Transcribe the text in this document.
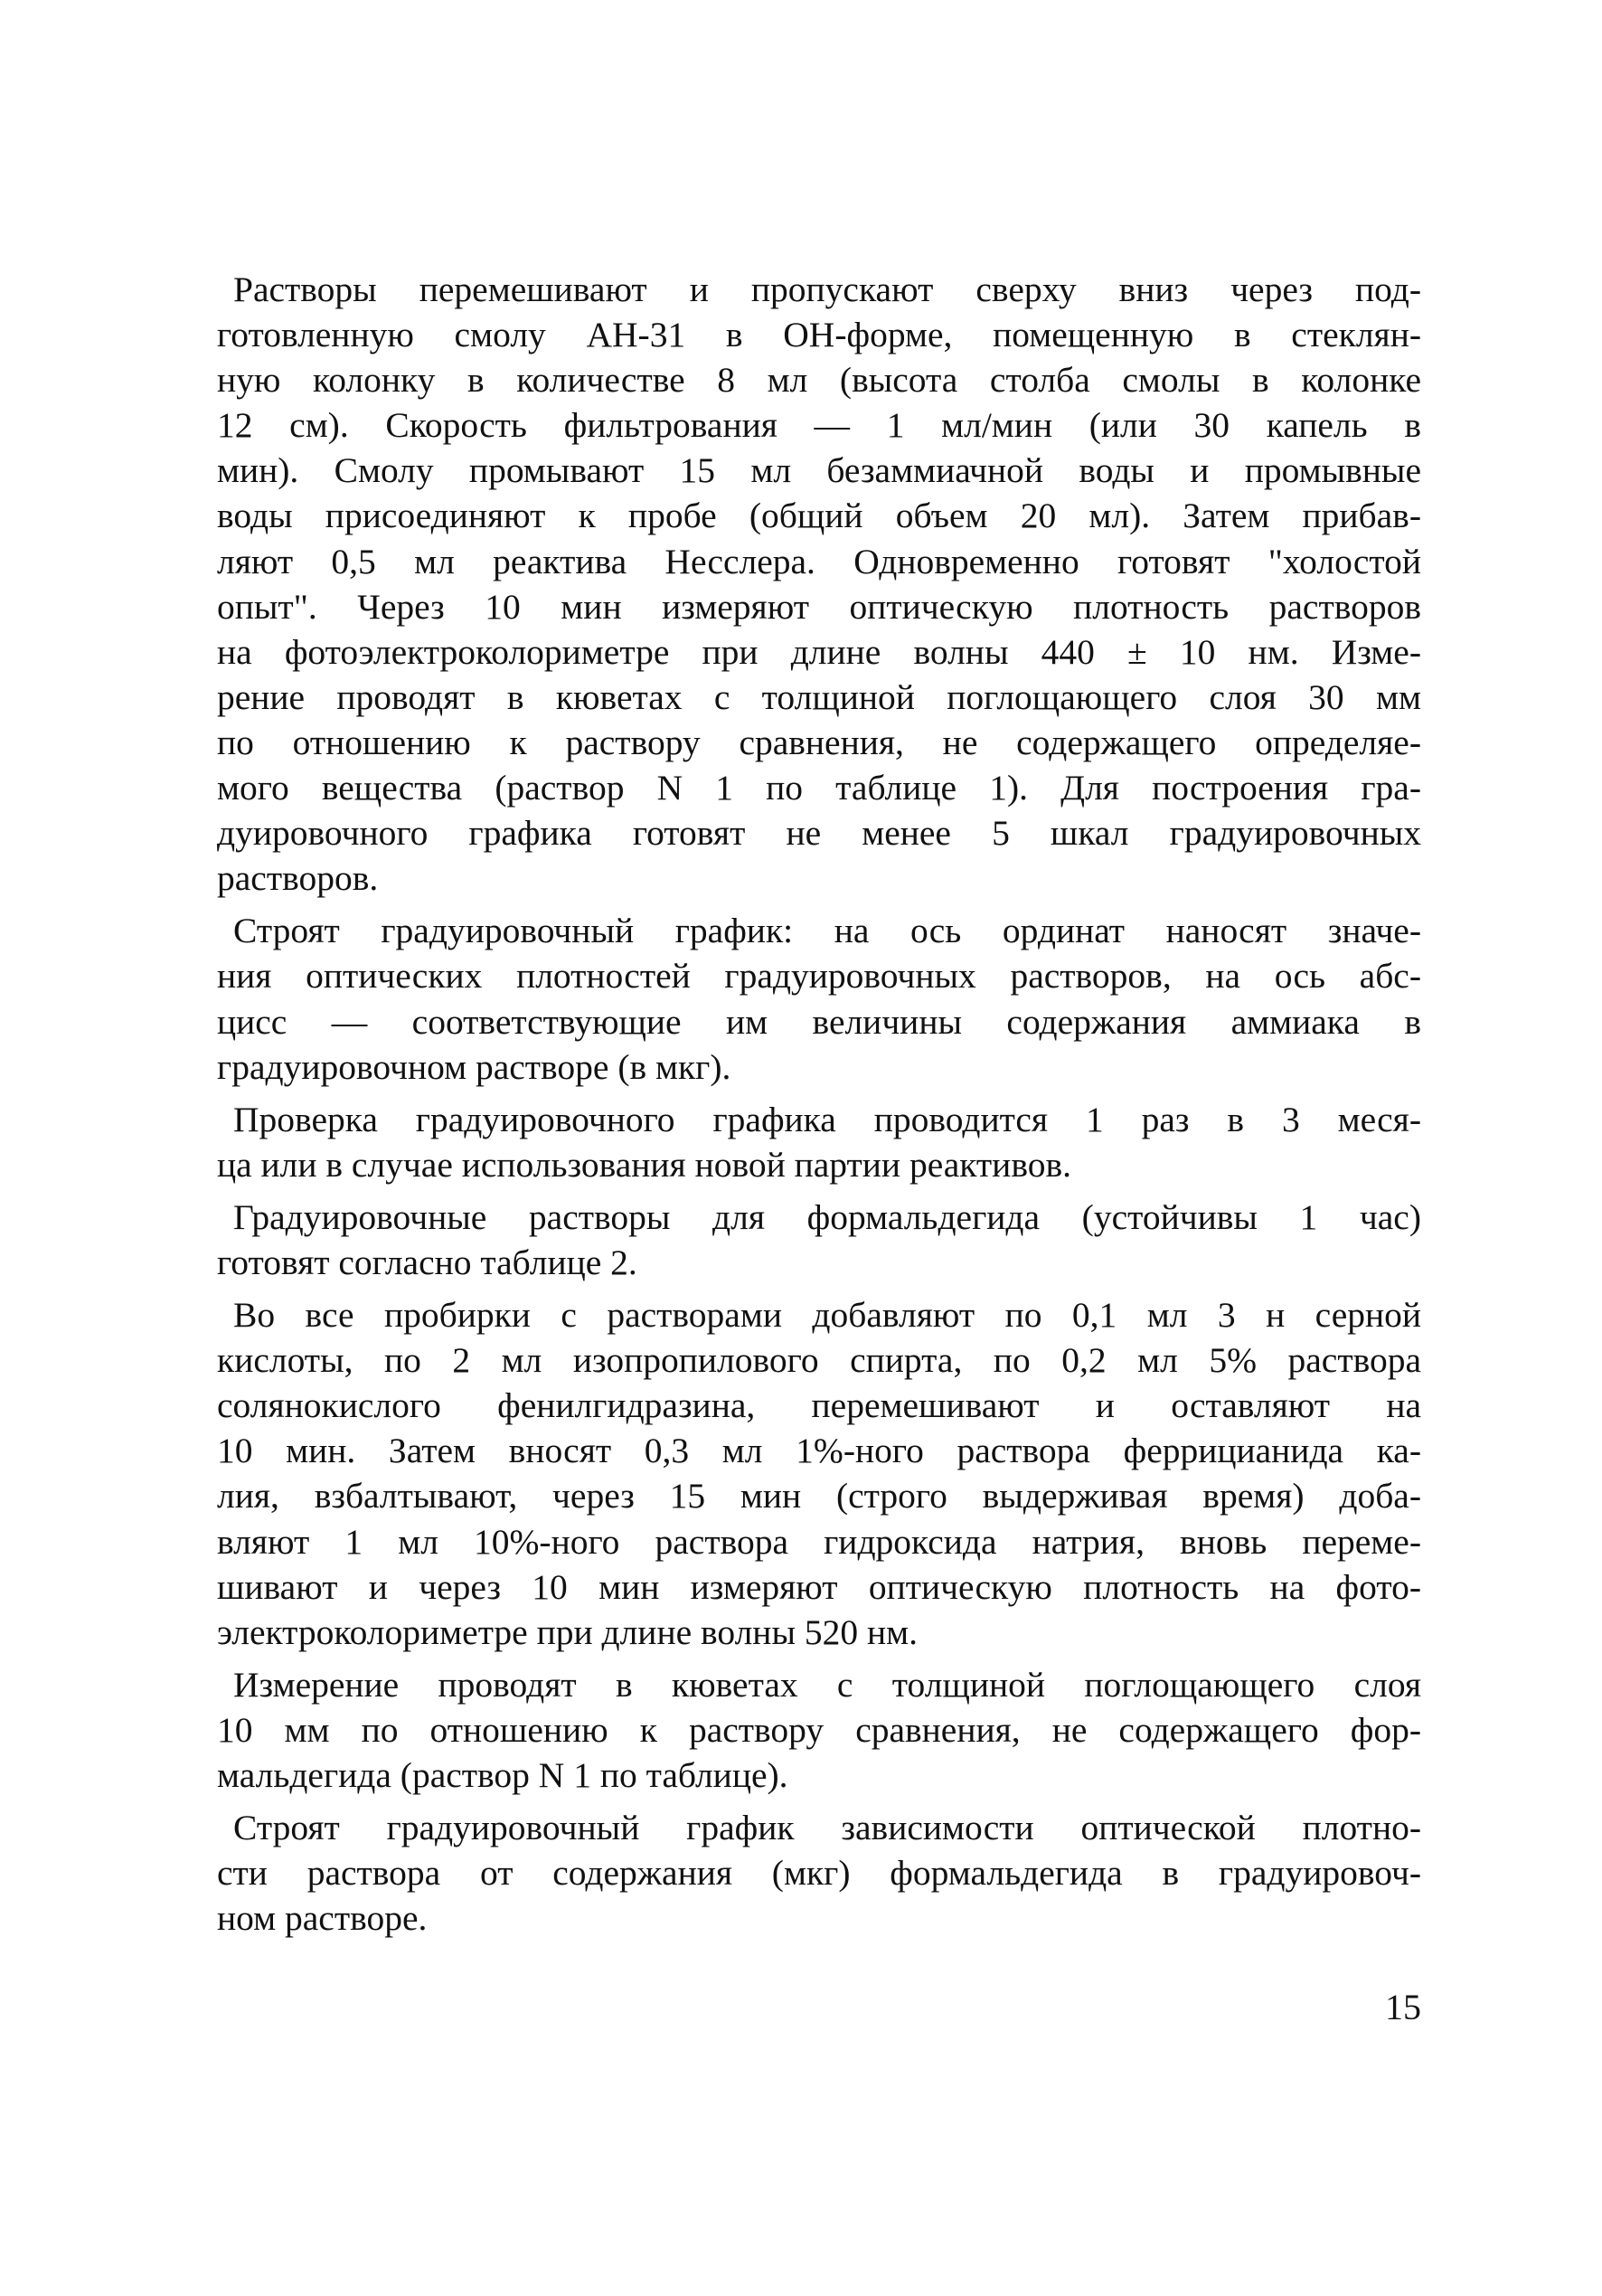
Растворы перемешивают и пропускают сверху вниз через под-
готовленную смолу АН-31 в ОН-форме, помещенную в стеклян-
ную колонку в количестве 8 мл (высота столба смолы в колонке
12 см). Скорость фильтрования — 1 мл/мин (или 30 капель в
мин). Смолу промывают 15 мл безаммиачной воды и промывные
воды присоединяют к пробе (общий объем 20 мл). Затем прибав-
ляют 0,5 мл реактива Несслера. Одновременно готовят "холостой
опыт". Через 10 мин измеряют оптическую плотность растворов
на фотоэлектроколориметре при длине волны 440 ± 10 нм. Изме-
рение проводят в кюветах с толщиной поглощающего слоя 30 мм
по отношению к раствору сравнения, не содержащего определяе-
мого вещества (раствор N 1 по таблице 1). Для построения гра-
дуировочного графика готовят не менее 5 шкал градуировочных
растворов.
Строят градуировочный график: на ось ординат наносят значе-
ния оптических плотностей градуировочных растворов, на ось абс-
цисс — соответствующие им величины содержания аммиака в
градуировочном растворе (в мкг).
Проверка градуировочного графика проводится 1 раз в 3 меся-
ца или в случае использования новой партии реактивов.
Градуировочные растворы для формальдегида (устойчивы 1 час)
готовят согласно таблице 2.
Во все пробирки с растворами добавляют по 0,1 мл 3 н серной
кислоты, по 2 мл изопропилового спирта, по 0,2 мл 5% раствора
солянокислого фенилгидразина, перемешивают и оставляют на
10 мин. Затем вносят 0,3 мл 1%-ного раствора феррицианида ка-
лия, взбалтывают, через 15 мин (строго выдерживая время) доба-
вляют 1 мл 10%-ного раствора гидроксида натрия, вновь переме-
шивают и через 10 мин измеряют оптическую плотность на фото-
электроколориметре при длине волны 520 нм.
Измерение проводят в кюветах с толщиной поглощающего слоя
10 мм по отношению к раствору сравнения, не содержащего фор-
мальдегида (раствор N 1 по таблице).
Строят градуировочный график зависимости оптической плотно-
сти раствора от содержания (мкг) формальдегида в градуировоч-
ном растворе.
15
